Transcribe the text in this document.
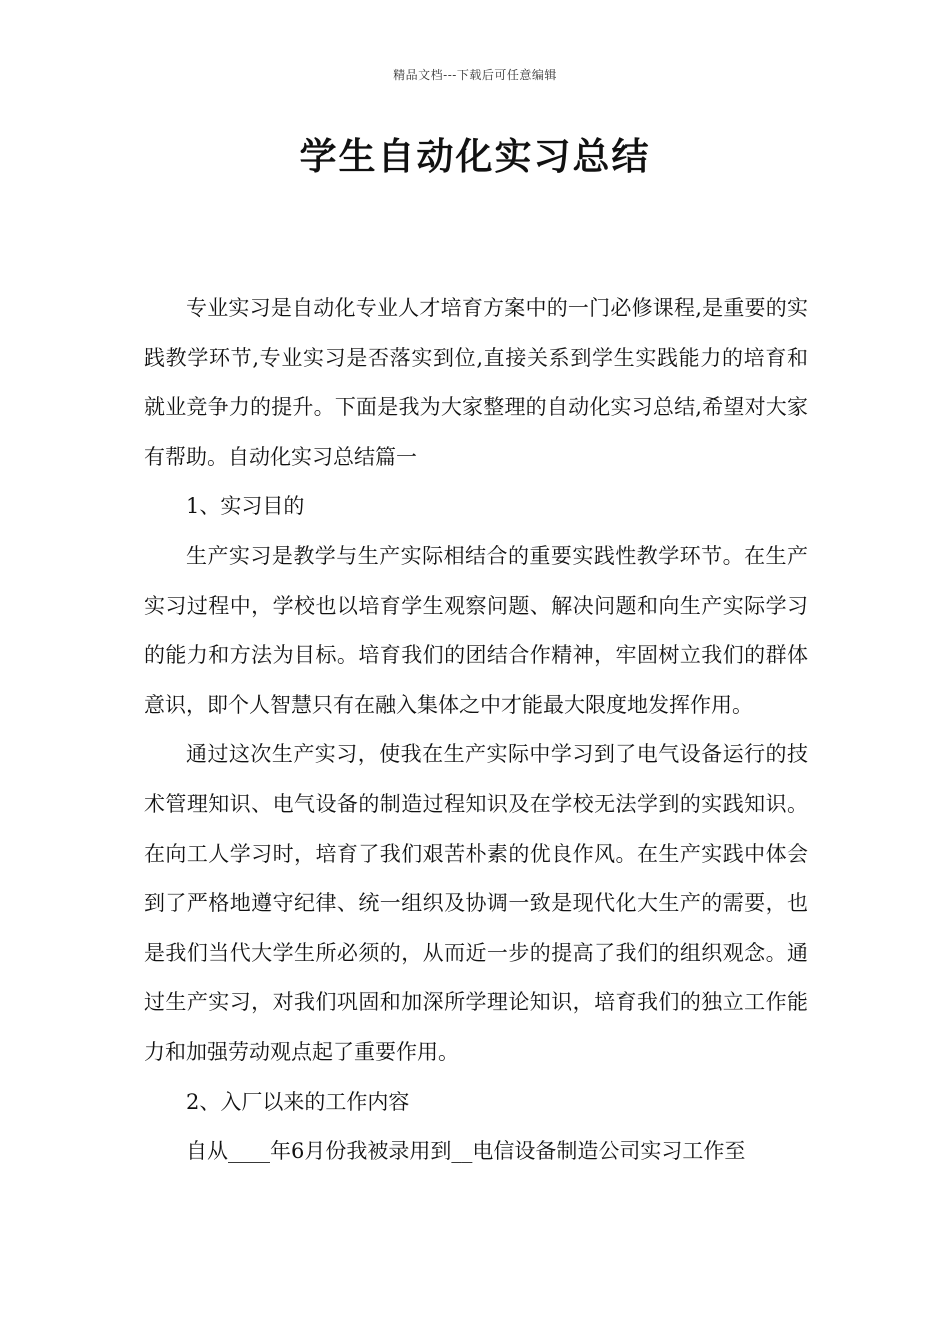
精品文档---下载后可任意编辑
学生自动化实习总结

专业实习是自动化专业人才培育方案中的一门必修课程,是重要的实践教学环节,专业实习是否落实到位,直接关系到学生实践能力的培育和就业竞争力的提升。下面是我为大家整理的自动化实习总结,希望对大家有帮助。自动化实习总结篇一

1、实习目的

生产实习是教学与生产实际相结合的重要实践性教学环节。在生产实习过程中，学校也以培育学生观察问题、解决问题和向生产实际学习的能力和方法为目标。培育我们的团结合作精神，牢固树立我们的群体意识，即个人智慧只有在融入集体之中才能最大限度地发挥作用。

通过这次生产实习，使我在生产实际中学习到了电气设备运行的技术管理知识、电气设备的制造过程知识及在学校无法学到的实践知识。在向工人学习时，培育了我们艰苦朴素的优良作风。在生产实践中体会到了严格地遵守纪律、统一组织及协调一致是现代化大生产的需要，也是我们当代大学生所必须的，从而近一步的提高了我们的组织观念。通过生产实习，对我们巩固和加深所学理论知识，培育我们的独立工作能力和加强劳动观点起了重要作用。

2、入厂以来的工作内容

自从____年6月份我被录用到__电信设备制造公司实习工作至
